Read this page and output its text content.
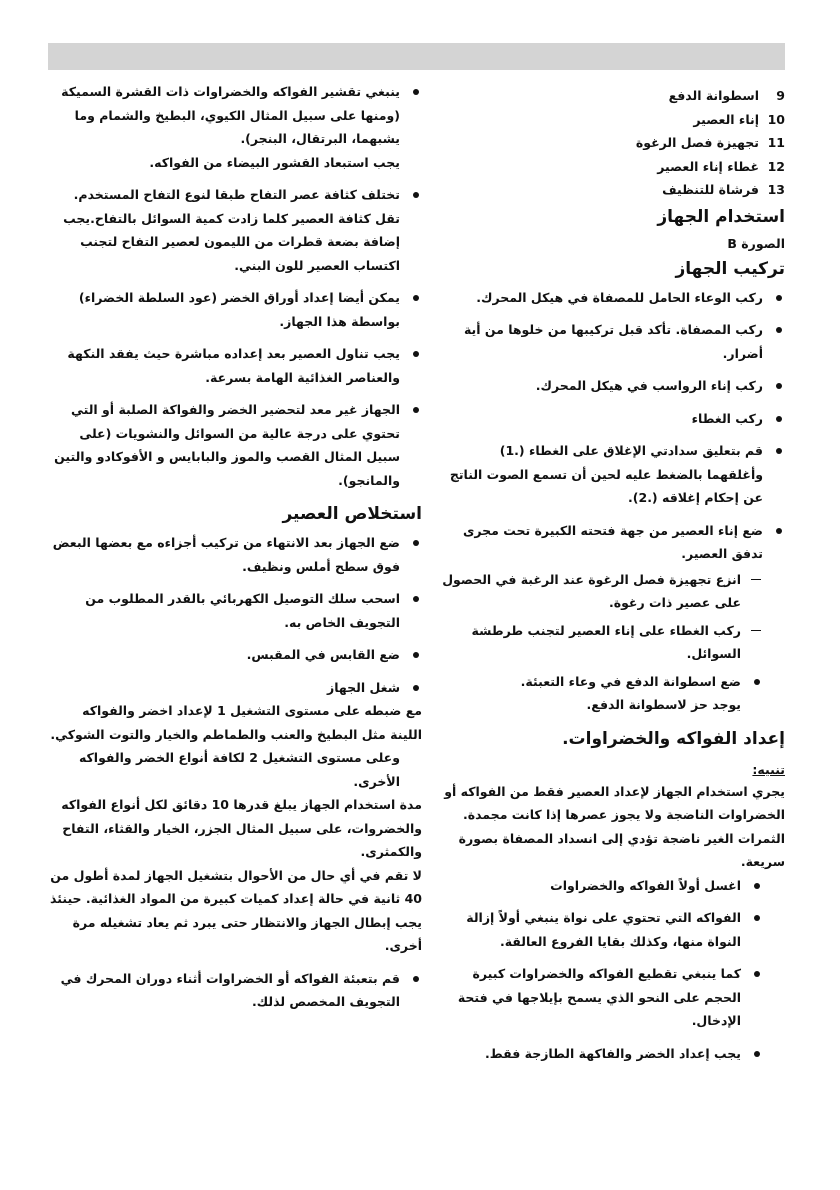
9اسطوانة الدفع
10إناء العصير
11تجهيزة فصل الرغوة
12غطاء إناء العصير
13فرشاة للتنظيف
استخدام الجهاز
الصورة B
تركيب الجهاز
ركب الوعاء الحامل للمصفاة في هيكل المحرك.
ركب المصفاة. تأكد قبل تركيبها من خلوها من أية أضرار.
ركب إناء الرواسب في هيكل المحرك.
ركب الغطاء
قم بتعليق سدادتي الإغلاق على الغطاء (.1) وأغلقهما بالضغط عليه لحين أن تسمع الصوت الناتج عن إحكام إغلاقه (.2).
ضع إناء العصير من جهة فتحته الكبيرة تحت مجرى تدفق العصير.
انزع تجهيزة فصل الرغوة عند الرغبة في الحصول على عصير ذات رغوة.
ركب الغطاء على إناء العصير لتجنب طرطشة السوائل.
ضع اسطوانة الدفع في وعاء التعبئة.
يوجد حز لاسطوانة الدفع.
إعداد الفواكه والخضراوات.
تنبيه:

يجري استخدام الجهاز لإعداد العصير فقط من الفواكه أو الخضراوات الناضجة ولا يجوز عصرها إذا كانت مجمدة. الثمرات الغير ناضجة تؤدي إلى انسداد المصفاة بصورة سريعة.

اغسل أولاً الفواكه والخضراوات
الفواكه التي تحتوي على نواة ينبغي أولاً إزالة النواة منها، وكذلك بقايا الفروع العالقة.
كما ينبغي تقطيع الفواكه والخضراوات كبيرة الحجم على النحو الذي يسمح بإيلاجها في فتحة الإدخال.
يجب إعداد الخضر والفاكهة الطازجة فقط.
ينبغي تقشير الفواكه والخضراوات ذات القشرة السميكة (ومنها على سبيل المثال الكيوي، البطيخ والشمام وما يشبهما، البرتقال، البنجر).
يجب استبعاد القشور البيضاء من الفواكه.
تختلف كثافة عصر التفاح طبقا لنوع التفاح المستخدم. تقل كثافة العصير كلما زادت كمية السوائل بالتفاح.يجب إضافة بضعة قطرات من الليمون لعصير التفاح لتجنب اكتساب العصير للون البني.
يمكن أيضا إعداد أوراق الخضر (عود السلطة الخضراء) بواسطة هذا الجهاز.
يجب تناول العصير بعد إعداده مباشرة حيث يفقد النكهة والعناصر الغذائية الهامة بسرعة.
الجهاز غير معد لتحضير الخضر والفواكة الصلبة أو التي تحتوي على درجة عالية من السوائل والنشويات (على سبيل المثال القصب والموز والبابايس و الأفوكادو والتين والمانجو).
استخلاص العصير
ضع الجهاز بعد الانتهاء من تركيب أجزاءه مع بعضها البعض فوق سطح أملس ونظيف.
اسحب سلك التوصيل الكهربائي بالقدر المطلوب من التجويف الخاص به.
ضع القابس في المقبس.
شغل الجهاز

مع ضبطه على مستوى التشغيل 1 لإعداد اخضر والفواكه اللينة مثل البطيخ والعنب والطماطم والخيار والتوت الشوكي.

وعلى مستوى التشغيل 2 لكافة أنواع الخضر والفواكه الأخرى.

مدة استخدام الجهاز يبلغ قدرها 10 دقائق لكل أنواع الفواكه والخضروات، على سبيل المثال الجزر، الخيار والقثاء، التفاح والكمثرى.

لا تقم في أي حال من الأحوال بتشغيل الجهاز لمدة أطول من 40 ثانية في حالة إعداد كميات كبيرة من المواد الغذائية. حينئذ يجب إبطال الجهاز والانتظار حتى يبرد ثم يعاد تشغيله مرة أخرى.

قم بتعبئة الفواكه أو الخضراوات أثناء دوران المحرك في التجويف المخصص لذلك.
